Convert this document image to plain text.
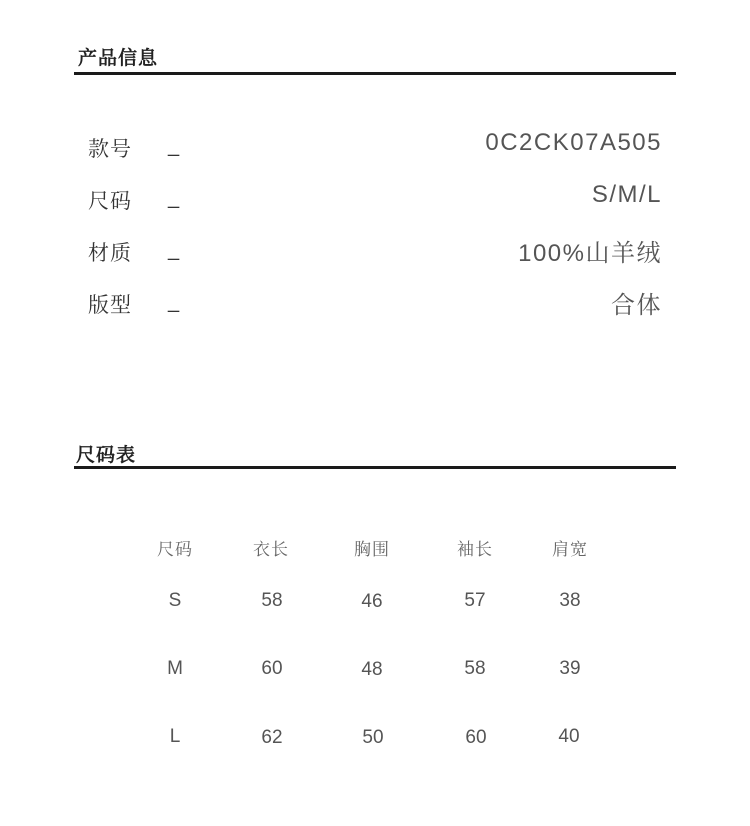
产品信息
款号 _	0C2CK07A505
尺码 _	S/M/L
材质 _	100%山羊绒
版型 _	合体
尺码表
尺码	衣长	胸围	袖长	肩宽
S	58	46	57	38
M	60	48	58	39
L	62	50	60	40
